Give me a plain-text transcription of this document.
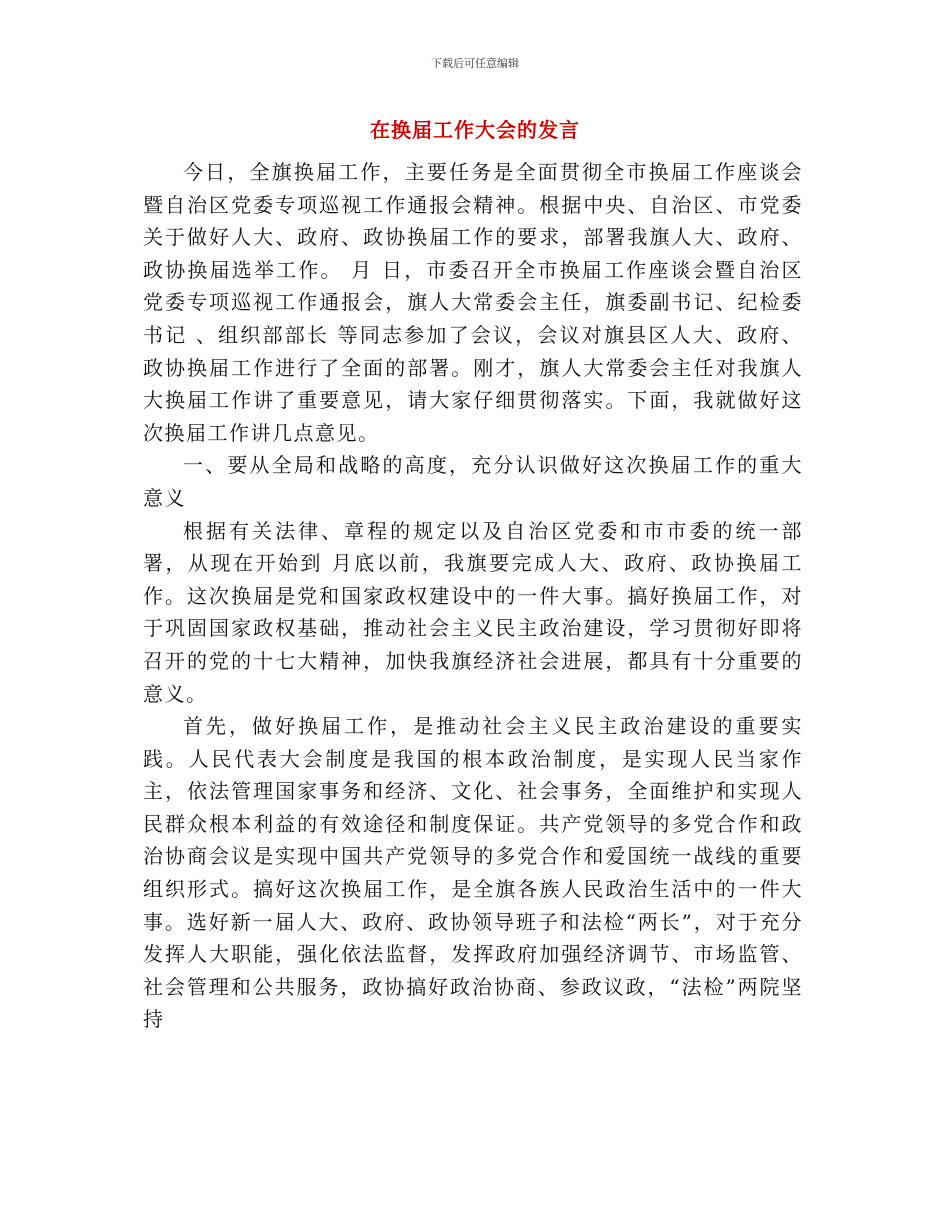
下载后可任意编辑
在换届工作大会的发言

今日，全旗换届工作，主要任务是全面贯彻全市换届工作座谈会暨自治区党委专项巡视工作通报会精神。根据中央、自治区、市党委关于做好人大、政府、政协换届工作的要求，部署我旗人大、政府、政协换届选举工作。 月 日，市委召开全市换届工作座谈会暨自治区党委专项巡视工作通报会，旗人大常委会主任，旗委副书记、纪检委书记 、组织部部长 等同志参加了会议，会议对旗县区人大、政府、政协换届工作进行了全面的部署。刚才，旗人大常委会主任对我旗人大换届工作讲了重要意见，请大家仔细贯彻落实。下面，我就做好这次换届工作讲几点意见。

一、要从全局和战略的高度，充分认识做好这次换届工作的重大意义

根据有关法律、章程的规定以及自治区党委和市市委的统一部署，从现在开始到 月底以前，我旗要完成人大、政府、政协换届工作。这次换届是党和国家政权建设中的一件大事。搞好换届工作，对于巩固国家政权基础，推动社会主义民主政治建设，学习贯彻好即将召开的党的十七大精神，加快我旗经济社会进展，都具有十分重要的意义。

首先，做好换届工作，是推动社会主义民主政治建设的重要实践。人民代表大会制度是我国的根本政治制度，是实现人民当家作主，依法管理国家事务和经济、文化、社会事务，全面维护和实现人民群众根本利益的有效途径和制度保证。共产党领导的多党合作和政治协商会议是实现中国共产党领导的多党合作和爱国统一战线的重要组织形式。搞好这次换届工作，是全旗各族人民政治生活中的一件大事。选好新一届人大、政府、政协领导班子和法检“两长”，对于充分发挥人大职能，强化依法监督，发挥政府加强经济调节、市场监管、社会管理和公共服务，政协搞好政治协商、参政议政，“法检”两院坚持
